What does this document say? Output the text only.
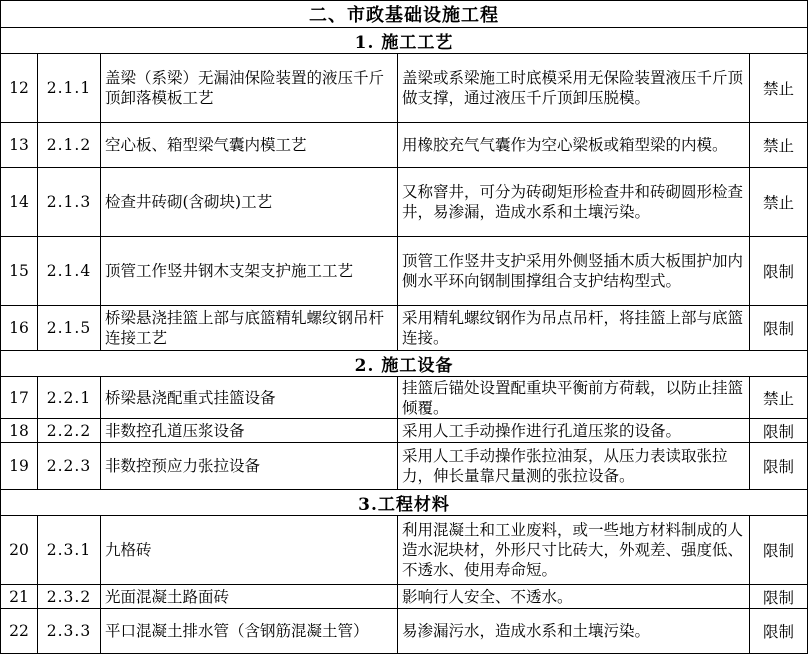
二、市政基础设施工程				
1. 施工工艺				
12	2.1.1	盖梁（系梁）无漏油保险装置的液压千斤顶卸落模板工艺	盖梁或系梁施工时底模采用无保险装置液压千斤顶做支撑，通过液压千斤顶卸压脱模。	禁止
13	2.1.2	空心板、箱型梁气囊内模工艺	用橡胶充气气囊作为空心梁板或箱型梁的内模。	禁止
14	2.1.3	检查井砖砌(含砌块)工艺	又称窨井，可分为砖砌矩形检查井和砖砌圆形检查井，易渗漏，造成水系和土壤污染。	禁止
15	2.1.4	顶管工作竖井钢木支架支护施工工艺	顶管工作竖井支护采用外侧竖插木质大板围护加内侧水平环向钢制围撑组合支护结构型式。	限制
16	2.1.5	桥梁悬浇挂篮上部与底篮精轧螺纹钢吊杆连接工艺	采用精轧螺纹钢作为吊点吊杆，将挂篮上部与底篮连接。	限制
2. 施工设备				
17	2.2.1	桥梁悬浇配重式挂篮设备	挂篮后锚处设置配重块平衡前方荷载，以防止挂篮倾覆。	禁止
18	2.2.2	非数控孔道压浆设备	采用人工手动操作进行孔道压浆的设备。	限制
19	2.2.3	非数控预应力张拉设备	采用人工手动操作张拉油泵，从压力表读取张拉力，伸长量靠尺量测的张拉设备。	限制
3.工程材料				
20	2.3.1	九格砖	利用混凝土和工业废料，或一些地方材料制成的人造水泥块材，外形尺寸比砖大，外观差、强度低、不透水、使用寿命短。	限制
21	2.3.2	光面混凝土路面砖	影响行人安全、不透水。	限制
22	2.3.3	平口混凝土排水管（含钢筋混凝土管）	易渗漏污水，造成水系和土壤污染。	限制
